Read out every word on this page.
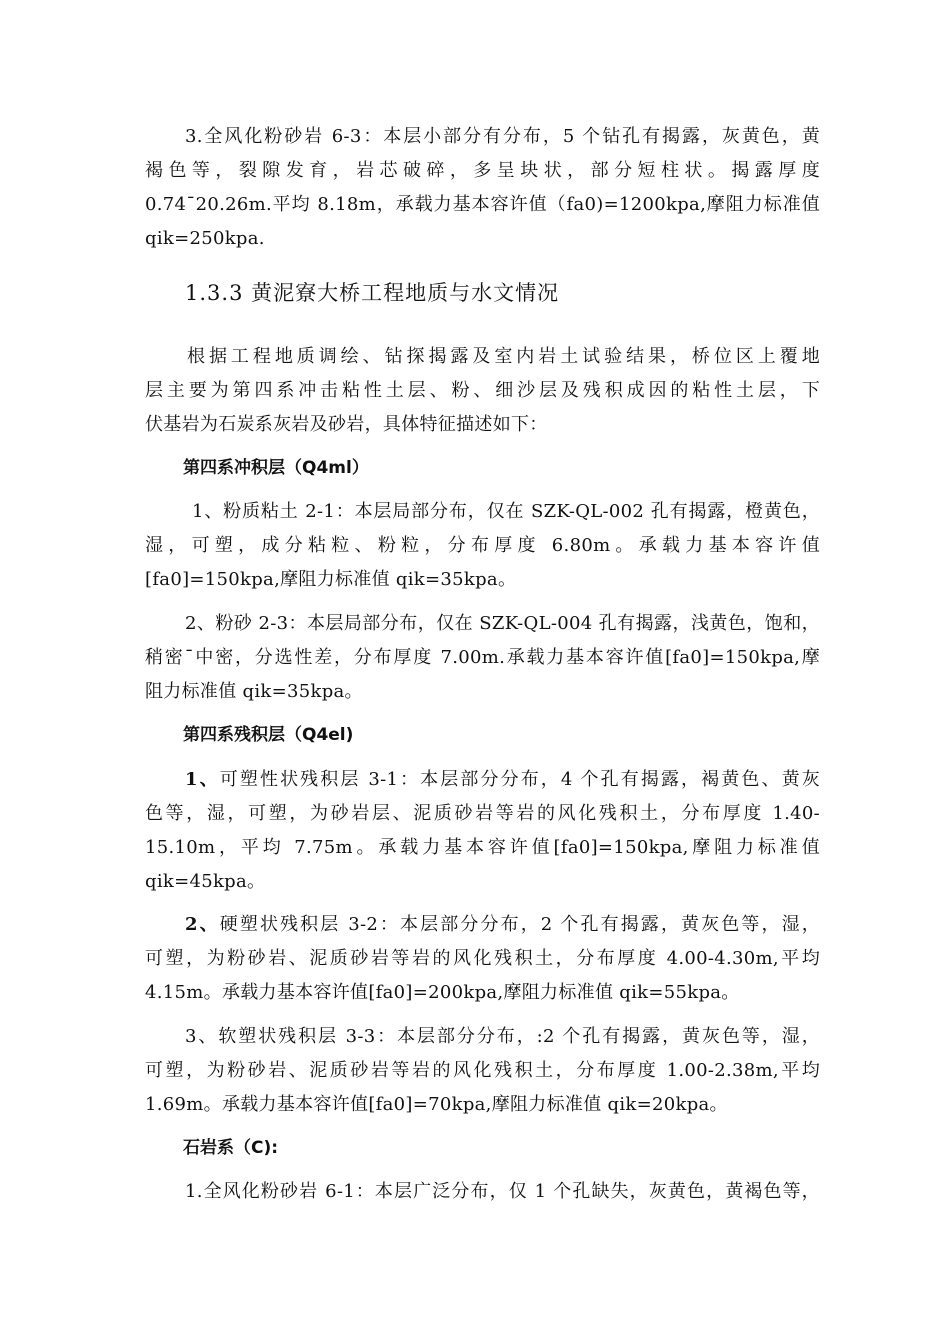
3.全风化粉砂岩 6-3：本层小部分有分布，5 个钻孔有揭露，灰黄色，黄
褐色等，裂隙发育，岩芯破碎，多呈块状，部分短柱状。揭露厚度
0.74¯20.26m.平均 8.18m，承载力基本容许值（fa0)=1200kpa,摩阻力标准值
qik=250kpa.

1.3.3 黄泥寮大桥工程地质与水文情况

根据工程地质调绘、钻探揭露及室内岩土试验结果，桥位区上覆地
层主要为第四系冲击粘性土层、粉、细沙层及残积成因的粘性土层，下
伏基岩为石炭系灰岩及砂岩，具体特征描述如下：

第四系冲积层（Q4ml）

1、粉质粘土 2-1：本层局部分布，仅在 SZK-QL-002 孔有揭露，橙黄色，
湿，可塑，成分粘粒、粉粒，分布厚度 6.80m。承载力基本容许值
[fa0]=150kpa,摩阻力标准值 qik=35kpa。

2、粉砂 2-3：本层局部分布，仅在 SZK-QL-004 孔有揭露，浅黄色，饱和，
稍密¯中密，分选性差，分布厚度 7.00m.承载力基本容许值[fa0]=150kpa,摩
阻力标准值 qik=35kpa。

第四系残积层（Q4el)

1、可塑性状残积层 3-1：本层部分分布，4 个孔有揭露，褐黄色、黄灰
色等，湿，可塑，为砂岩层、泥质砂岩等岩的风化残积土，分布厚度 1.40-
15.10m，平均 7.75m。承载力基本容许值[fa0]=150kpa,摩阻力标准值
qik=45kpa。

2、硬塑状残积层 3-2：本层部分分布，2 个孔有揭露，黄灰色等，湿，
可塑，为粉砂岩、泥质砂岩等岩的风化残积土，分布厚度 4.00-4.30m,平均
4.15m。承载力基本容许值[fa0]=200kpa,摩阻力标准值 qik=55kpa。

3、软塑状残积层 3-3：本层部分分布，:2 个孔有揭露，黄灰色等，湿，
可塑，为粉砂岩、泥质砂岩等岩的风化残积土，分布厚度 1.00-2.38m,平均
1.69m。承载力基本容许值[fa0]=70kpa,摩阻力标准值 qik=20kpa。

石岩系（C):

1.全风化粉砂岩 6-1：本层广泛分布，仅 1 个孔缺失，灰黄色，黄褐色等，
